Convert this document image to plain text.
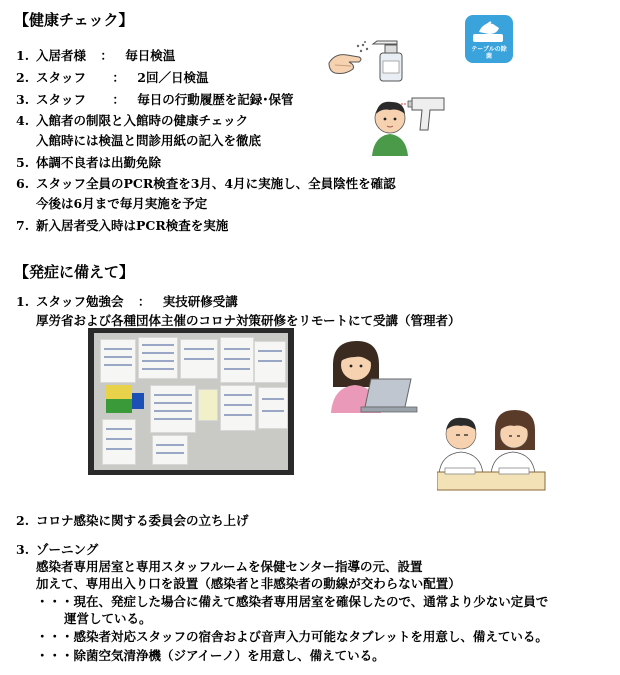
【健康チェック】
1. 入居者様 ： 毎日検温
2. スタッフ ： 2回／日検温
3. スタッフ ： 毎日の行動履歴を記録･保管
4. 入館者の制限と入館時の健康チェック
入館時には検温と問診用紙の記入を徹底
5. 体調不良者は出勤免除
6. スタッフ全員のPCR検査を3月、4月に実施し、全員陰性を確認
今後は6月まで毎月実施を予定
7. 新入居者受入時はPCR検査を実施
テーブルの除菌
【発症に備えて】
1. スタッフ勉強会 ： 実技研修受講
厚労省および各種団体主催のコロナ対策研修をリモートにて受講（管理者）
2. コロナ感染に関する委員会の立ち上げ
3. ゾーニング
感染者専用居室と専用スタッフルームを保健センター指導の元、設置
加えて、専用出入り口を設置（感染者と非感染者の動線が交わらない配置）
・・・現在、発症した場合に備えて感染者専用居室を確保したので、通常より少ない定員で
運営している。
・・・感染者対応スタッフの宿舎および音声入力可能なタブレットを用意し、備えている。
・・・除菌空気清浄機（ジアイーノ）を用意し、備えている。
